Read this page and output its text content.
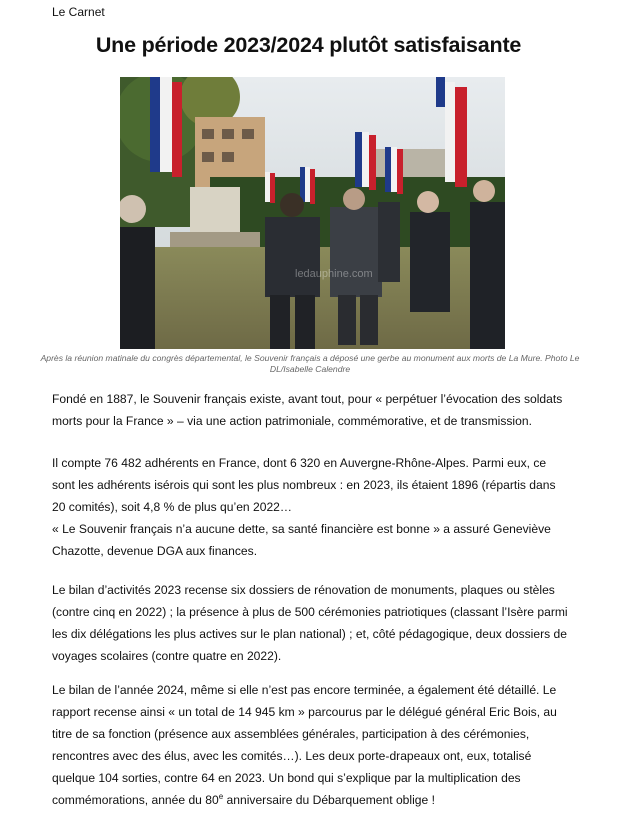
Le Carnet
Une période 2023/2024 plutôt satisfaisante
ledauphine.com
Après la réunion matinale du congrès départemental, le Souvenir français a déposé une gerbe au monument aux morts de La Mure. Photo Le DL/Isabelle Calendre

Fondé en 1887, le Souvenir français existe, avant tout, pour « perpétuer l’évocation des soldats morts pour la France » – via une action patrimoniale, commémorative, et de transmission.

Il compte 76 482 adhérents en France, dont 6 320 en Auvergne-Rhône-Alpes. Parmi eux, ce sont les adhérents isérois qui sont les plus nombreux : en 2023, ils étaient 1896 (répartis dans 20 comités), soit 4,8 % de plus qu’en 2022…

« Le Souvenir français n’a aucune dette, sa santé financière est bonne » a assuré Geneviève Chazotte, devenue DGA aux finances.

Le bilan d’activités 2023 recense six dossiers de rénovation de monuments, plaques ou stèles (contre cinq en 2022) ; la présence à plus de 500 cérémonies patriotiques (classant l’Isère parmi les dix délégations les plus actives sur le plan national) ; et, côté pédagogique, deux dossiers de voyages scolaires (contre quatre en 2022).

Le bilan de l’année 2024, même si elle n’est pas encore terminée, a également été détaillé. Le rapport recense ainsi « un total de 14 945 km » parcourus par le délégué général Eric Bois, au titre de sa fonction (présence aux assemblées générales, participation à des cérémonies, rencontres avec des élus, avec les comités…). Les deux porte-drapeaux ont, eux, totalisé quelque 104 sorties, contre 64 en 2023. Un bond qui s’explique par la multiplication des commémorations, année du 80e anniversaire du Débarquement oblige !
